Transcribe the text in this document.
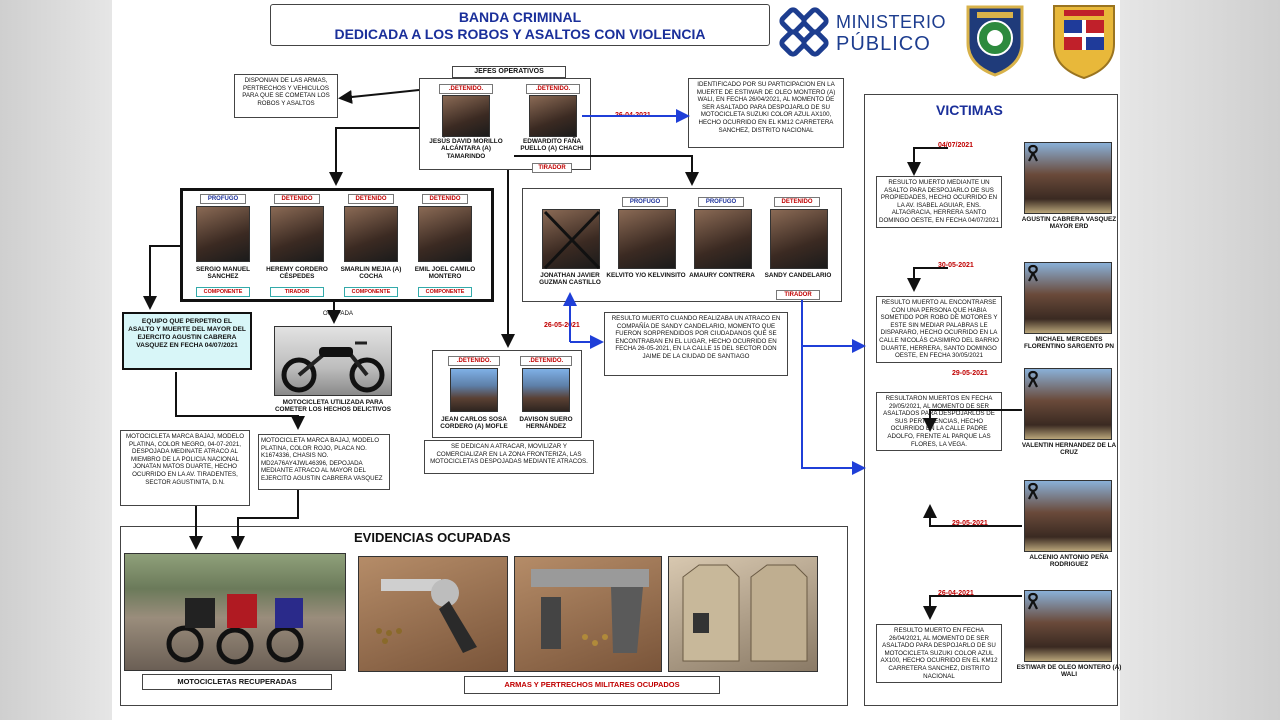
BANDA CRIMINAL
DEDICADA A LOS ROBOS Y ASALTOS CON VIOLENCIA
MINISTERIO
PÚBLICO
JEFES OPERATIVOS
.DETENIDO.
JESÚS DAVID MORILLO ALCÁNTARA (A) TAMARINDO
.DETENIDO.
EDWARDITO FAÑA PUELLO (A) CHACHI
TIRADOR
DISPONIAN DE LAS ARMAS, PERTRECHOS Y VEHICULOS PARA QUE SE COMETAN LOS ROBOS Y ASALTOS
26-04-2021
IDENTIFICADO POR SU PARTICIPACION EN LA MUERTE DE ESTIWAR DE OLEO MONTERO (A) WALI, EN FECHA 26/04/2021, AL MOMENTO DE SER ASALTADO PARA DESPOJARLO DE SU MOTOCICLETA SUZUKI COLOR AZUL AX100, HECHO OCURRIDO EN EL KM12 CARRETERA SANCHEZ, DISTRITO NACIONAL
PROFUGO
SERGIO MANUEL SANCHEZ
COMPONENTE
DETENIDO
HEREMY CORDERO CÉSPEDES
TIRADOR
DETENIDO
SMARLIN MEJIA (A) COCHA
COMPONENTE
DETENIDO
EMIL JOEL CAMILO MONTERO
COMPONENTE
JONATHAN JAVIER GUZMAN CASTILLO
PROFUGO
KELVITO Y/O KELVINSITO
PROFUGO
AMAURY CONTRERA
DETENIDO
SANDY CANDELARIO
TIRADOR
EQUIPO QUE PERPETRO EL ASALTO Y MUERTE DEL MAYOR DEL EJERCITO AGUSTIN CABRERA VASQUEZ EN FECHA 04/07/2021
OCUPADA
MOTOCICLETA UTILIZADA PARA COMETER LOS HECHOS DELICTIVOS
MOTOCICLETA MARCA BAJAJ, MODELO PLATINA, COLOR NEGRO, 04-07-2021, DESPOJADA MEDINATE ATRACO AL MIEMBRO DE LA POLICIA NACIONAL JONATAN MATOS DUARTE, HECHO OCURRIDO EN LA AV. TIRADENTES, SECTOR AGUSTINITA, D.N.
MOTOCICLETA MARCA BAJAJ, MODELO PLATINA, COLOR ROJO, PLACA NO. K1674336, CHASIS NO. MD2A76AY4JWL46396, DEPOJADA MEDIANTE ATRACO AL MAYOR DEL EJERCITO AGUSTIN CABRERA VASQUEZ
.DETENIDO.
JEAN CARLOS SOSA CORDERO (A) MOFLE
.DETENIDO.
DAVISON SUERO HERNÁNDEZ
SE DEDICAN A ATRACAR, MOVILIZAR Y COMERCIALIZAR EN LA ZONA FRONTERIZA, LAS MOTOCICLETAS DESPOJADAS MEDIANTE ATRACOS.
26-05-2021
RESULTO MUERTO CUANDO REALIZABA UN ATRACO EN COMPAÑÍA DE SANDY CANDELARIO, MOMENTO QUE FUERON SORPRENDIDOS POR CIUDADANOS QUE SE ENCONTRABAN EN EL LUGAR, HECHO OCURRIDO EN FECHA 26-05-2021, EN LA CALLE 15 DEL SECTOR DON JAIME DE LA CIUDAD DE SANTIAGO
EVIDENCIAS OCUPADAS
MOTOCICLETAS RECUPERADAS	ARMAS Y PERTRECHOS MILITARES OCUPADOS
VICTIMAS
04/07/2021
AGUSTIN CABRERA VASQUEZ MAYOR ERD
RESULTO MUERTO MEDIANTE UN ASALTO PARA DESPOJARLO DE SUS PROPIEDADES, HECHO OCURRIDO EN LA AV. ISABEL AGUIAR, ENS. ALTAGRACIA, HERRERA SANTO DOMINGO OESTE, EN FECHA 04/07/2021
30-05-2021
MICHAEL MERCEDES FLORENTINO SARGENTO PN
RESULTO MUERTO AL ENCONTRARSE CON UNA PERSONA QUE HABIA SOMETIDO POR ROBO DE MOTORES Y ESTE SIN MEDIAR PALABRAS LE DISPARARO, HECHO OCURRIDO EN LA CALLE NICOLÁS CASIMIRO DEL BARRIO DUARTE, HERRERA, SANTO DOMINGO OESTE, EN FECHA 30/05/2021
29-05-2021
VALENTIN HERNANDEZ DE LA CRUZ
RESULTARON MUERTOS EN FECHA 29/05/2021, AL MOMENTO DE SER ASALTADOS PARA DESPOJARLOS DE SUS PERTENENCIAS, HECHO OCURRIDO EN LA CALLE PADRE ADOLFO, FRENTE AL PARQUE LAS FLORES, LA VEGA.
29-05-2021
ALCENIO ANTONIO PEÑA RODRIGUEZ
26-04-2021
ESTIWAR DE OLEO MONTERO (A) WALI
RESULTO MUERTO EN FECHA 26/04/2021, AL MOMENTO DE SER ASALTADO PARA DESPOJARLO DE SU MOTOCICLETA SUZUKI COLOR AZUL AX100, HECHO OCURRIDO EN EL KM12 CARRETERA SANCHEZ, DISTRITO NACIONAL
